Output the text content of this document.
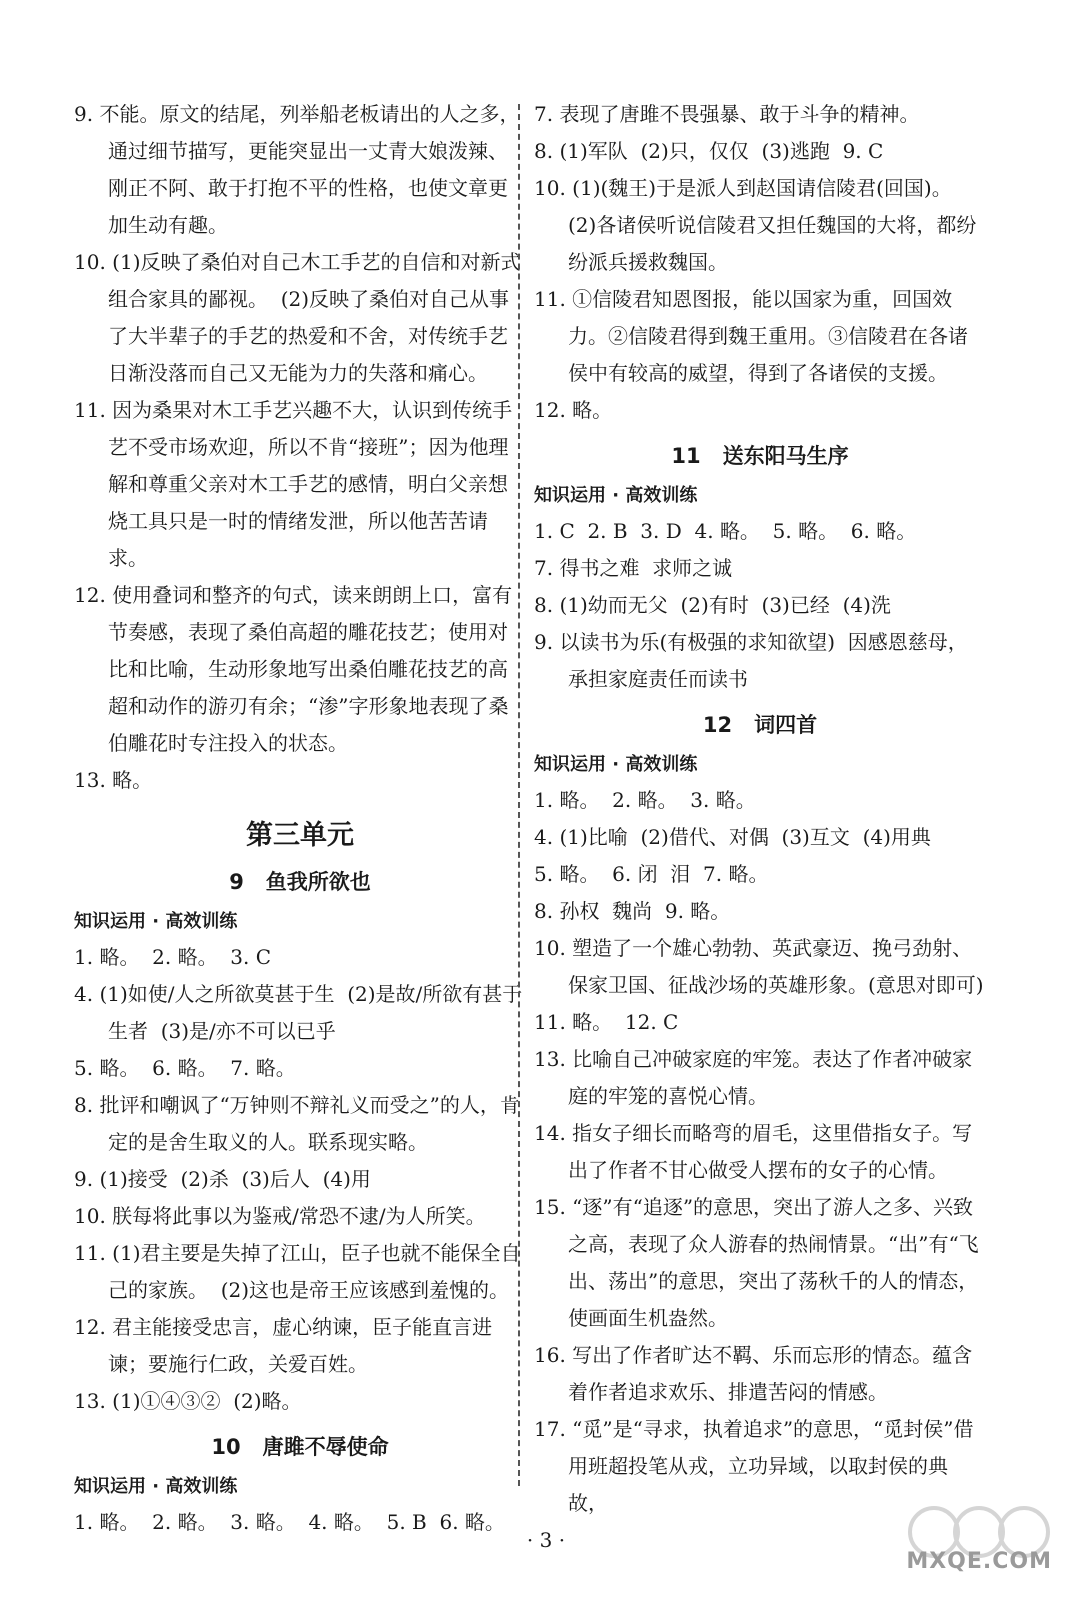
9. 不能。原文的结尾，列举船老板请出的人之多，通过细节描写，更能突显出一丈青大娘泼辣、刚正不阿、敢于打抱不平的性格，也使文章更加生动有趣。
10. (1)反映了桑伯对自己木工手艺的自信和对新式组合家具的鄙视。  (2)反映了桑伯对自己从事了大半辈子的手艺的热爱和不舍，对传统手艺日渐没落而自己又无能为力的失落和痛心。
11. 因为桑果对木工手艺兴趣不大，认识到传统手艺不受市场欢迎，所以不肯“接班”；因为他理解和尊重父亲对木工手艺的感情，明白父亲想烧工具只是一时的情绪发泄，所以他苦苦请求。
12. 使用叠词和整齐的句式，读来朗朗上口，富有节奏感，表现了桑伯高超的雕花技艺；使用对比和比喻，生动形象地写出桑伯雕花技艺的高超和动作的游刃有余；“渗”字形象地表现了桑伯雕花时专注投入的状态。
13. 略。
第三单元
9   鱼我所欲也
知识运用 · 高效训练
1. 略。  2. 略。  3. C
4. (1)如使/人之所欲莫甚于生  (2)是故/所欲有甚于生者  (3)是/亦不可以已乎
5. 略。  6. 略。  7. 略。
8. 批评和嘲讽了“万钟则不辩礼义而受之”的人，肯定的是舍生取义的人。联系现实略。
9. (1)接受  (2)杀  (3)后人  (4)用
10. 朕每将此事以为鉴戒/常恐不逮/为人所笑。
11. (1)君主要是失掉了江山，臣子也就不能保全自己的家族。  (2)这也是帝王应该感到羞愧的。
12. 君主能接受忠言，虚心纳谏，臣子能直言进谏；要施行仁政，关爱百姓。
13. (1)①④③②  (2)略。
10   唐雎不辱使命
知识运用 · 高效训练
1. 略。  2. 略。  3. 略。  4. 略。  5. B  6. 略。
7. 表现了唐雎不畏强暴、敢于斗争的精神。
8. (1)军队  (2)只，仅仅  (3)逃跑  9. C
10. (1)(魏王)于是派人到赵国请信陵君(回国)。
(2)各诸侯听说信陵君又担任魏国的大将，都纷纷派兵援救魏国。
11. ①信陵君知恩图报，能以国家为重，回国效力。②信陵君得到魏王重用。③信陵君在各诸侯中有较高的威望，得到了各诸侯的支援。
12. 略。
11   送东阳马生序
知识运用 · 高效训练
1. C  2. B  3. D  4. 略。  5. 略。  6. 略。
7. 得书之难  求师之诚
8. (1)幼而无父  (2)有时  (3)已经  (4)洗
9. 以读书为乐(有极强的求知欲望)  因感恩慈母，承担家庭责任而读书
12   词四首
知识运用 · 高效训练
1. 略。  2. 略。  3. 略。
4. (1)比喻  (2)借代、对偶  (3)互文  (4)用典
5. 略。  6. 闭  泪  7. 略。
8. 孙权  魏尚  9. 略。
10. 塑造了一个雄心勃勃、英武豪迈、挽弓劲射、保家卫国、征战沙场的英雄形象。(意思对即可)
11. 略。  12. C
13. 比喻自己冲破家庭的牢笼。表达了作者冲破家庭的牢笼的喜悦心情。
14. 指女子细长而略弯的眉毛，这里借指女子。写出了作者不甘心做受人摆布的女子的心情。
15. “逐”有“追逐”的意思，突出了游人之多、兴致之高，表现了众人游春的热闹情景。“出”有“飞出、荡出”的意思，突出了荡秋千的人的情态，使画面生机盎然。
16. 写出了作者旷达不羁、乐而忘形的情态。蕴含着作者追求欢乐、排遣苦闷的情感。
17. “觅”是“寻求，执着追求”的意思，“觅封侯”借用班超投笔从戎，立功异域，以取封侯的典故，
· 3 ·
MXQE.COM
